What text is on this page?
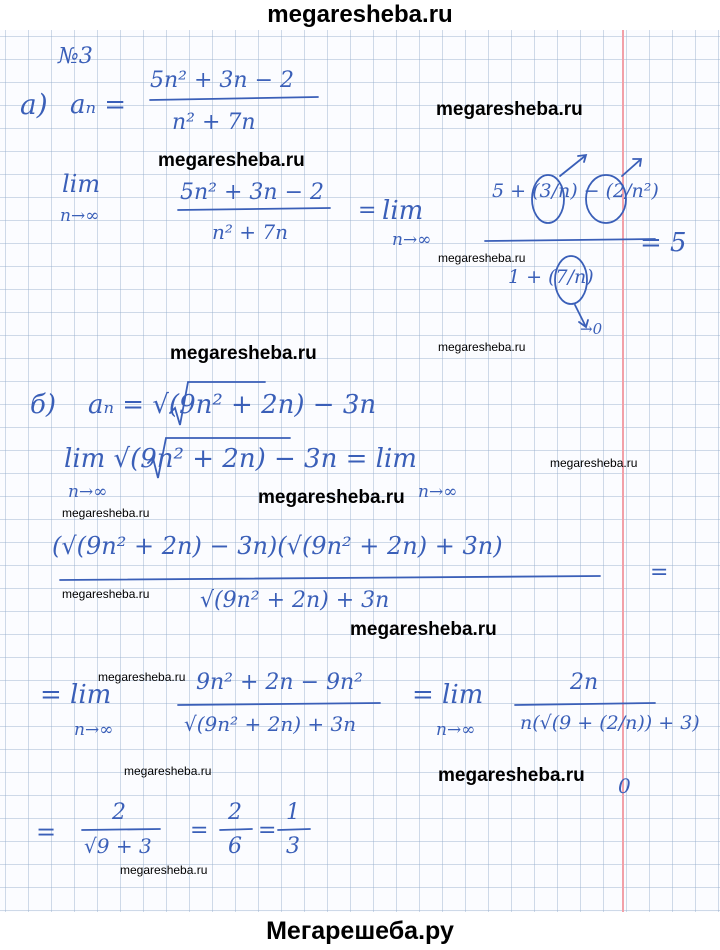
megaresheba.ru
№3
а) aₙ =
5n² + 3n − 2
n² + 7n
lim
n→∞
5n² + 3n − 2
n² + 7n
= lim
n→∞
5 + (3/n) − (2/n²)
1 + (7/n)
→0
= 5
б) aₙ = √(9n² + 2n) − 3n
lim √(9n² + 2n) − 3n = lim
n→∞	n→∞
(√(9n² + 2n) − 3n)(√(9n² + 2n) + 3n)
√(9n² + 2n) + 3n
=
= lim
n→∞
9n² + 2n − 9n²
√(9n² + 2n) + 3n
= lim
n→∞
2n
n(√(9 + (2/n)) + 3)
0
=
2
√9 + 3
=
2
6
=
1
3
megaresheba.ru
megaresheba.ru
megaresheba.ru
megaresheba.ru	megaresheba.ru
megaresheba.ru
megaresheba.ru
megaresheba.ru
megaresheba.ru
megaresheba.ru
megaresheba.ru
megaresheba.ru	megaresheba.ru
megaresheba.ru
Мегарешеба.ру
